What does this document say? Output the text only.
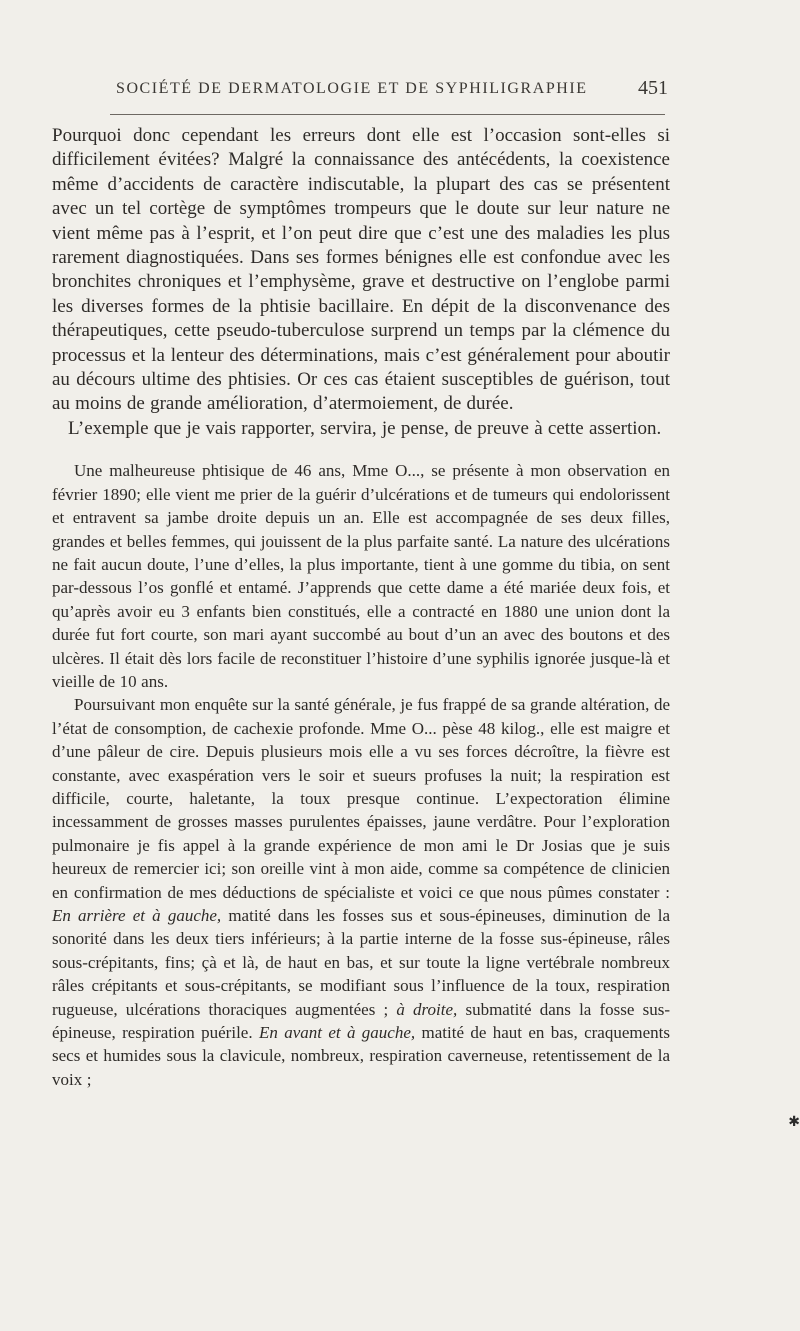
SOCIÉTÉ DE DERMATOLOGIE ET DE SYPHILIGRAPHIE	451

Pourquoi donc cependant les erreurs dont elle est l’occasion sont-elles si difficilement évitées? Malgré la connaissance des antécédents, la coexistence même d’accidents de caractère indiscutable, la plupart des cas se présentent avec un tel cortège de symptômes trompeurs que le doute sur leur nature ne vient même pas à l’esprit, et l’on peut dire que c’est une des maladies les plus rarement diagnostiquées. Dans ses formes bénignes elle est confondue avec les bronchites chroniques et l’emphysème, grave et destructive on l’englobe parmi les diverses formes de la phtisie bacillaire. En dépit de la disconvenance des thérapeutiques, cette pseudo-tuberculose surprend un temps par la clémence du processus et la lenteur des déterminations, mais c’est généralement pour aboutir au décours ultime des phtisies. Or ces cas étaient susceptibles de guérison, tout au moins de grande amélioration, d’atermoiement, de durée.

L’exemple que je vais rapporter, servira, je pense, de preuve à cette assertion.

Une malheureuse phtisique de 46 ans, Mme O..., se présente à mon observation en février 1890; elle vient me prier de la guérir d’ulcérations et de tumeurs qui endolorissent et entravent sa jambe droite depuis un an. Elle est accompagnée de ses deux filles, grandes et belles femmes, qui jouissent de la plus parfaite santé. La nature des ulcérations ne fait aucun doute, l’une d’elles, la plus importante, tient à une gomme du tibia, on sent par-dessous l’os gonflé et entamé. J’apprends que cette dame a été mariée deux fois, et qu’après avoir eu 3 enfants bien constitués, elle a contracté en 1880 une union dont la durée fut fort courte, son mari ayant succombé au bout d’un an avec des boutons et des ulcères. Il était dès lors facile de reconstituer l’histoire d’une syphilis ignorée jusque-là et vieille de 10 ans.

Poursuivant mon enquête sur la santé générale, je fus frappé de sa grande altération, de l’état de consomption, de cachexie profonde. Mme O... pèse 48 kilog., elle est maigre et d’une pâleur de cire. Depuis plusieurs mois elle a vu ses forces décroître, la fièvre est constante, avec exaspération vers le soir et sueurs profuses la nuit; la respiration est difficile, courte, haletante, la toux presque continue. L’expectoration élimine incessamment de grosses masses purulentes épaisses, jaune verdâtre. Pour l’exploration pulmonaire je fis appel à la grande expérience de mon ami le Dr Josias que je suis heureux de remercier ici; son oreille vint à mon aide, comme sa compétence de clinicien en confirmation de mes déductions de spécialiste et voici ce que nous pûmes constater : En arrière et à gauche, matité dans les fosses sus et sous-épineuses, diminution de la sonorité dans les deux tiers inférieurs; à la partie interne de la fosse sus-épineuse, râles sous-crépitants, fins; çà et là, de haut en bas, et sur toute la ligne vertébrale nombreux râles crépitants et sous-crépitants, se modifiant sous l’influence de la toux, respiration rugueuse, ulcérations thoraciques augmentées ; à droite, submatité dans la fosse sus-épineuse, respiration puérile. En avant et à gauche, matité de haut en bas, craquements secs et humides sous la clavicule, nombreux, respiration caverneuse, retentissement de la voix ;

✱
